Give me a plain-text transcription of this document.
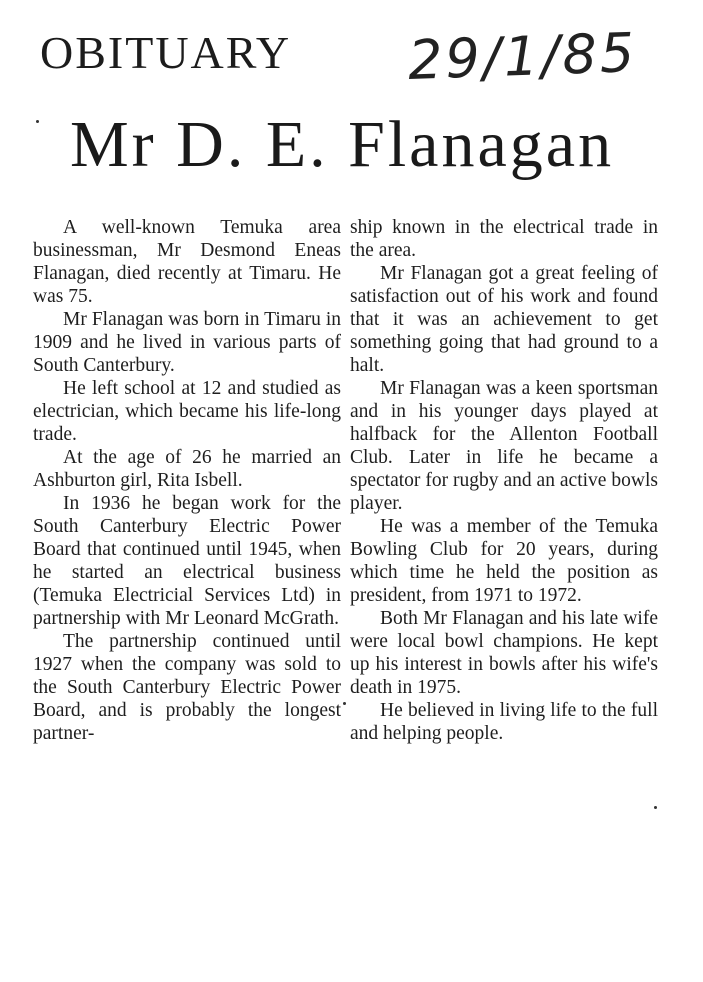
OBITUARY 29/1/85
Mr D. E. Flanagan

A well-known Temuka area businessman, Mr Desmond Eneas Flanagan, died recently at Timaru. He was 75.

Mr Flanagan was born in Timaru in 1909 and he lived in various parts of South Canterbury.

He left school at 12 and studied as electrician, which became his life-long trade.

At the age of 26 he married an Ashburton girl, Rita Isbell.

In 1936 he began work for the South Canterbury Electric Power Board that continued until 1945, when he started an electrical business (Temuka Electricial Services Ltd) in partnership with Mr Leonard McGrath.

The partnership continued until 1927 when the company was sold to the South Canterbury Electric Power Board, and is probably the longest partner-

ship known in the electrical trade in the area.

Mr Flanagan got a great feeling of satisfaction out of his work and found that it was an achievement to get something going that had ground to a halt.

Mr Flanagan was a keen sportsman and in his younger days played at halfback for the Allenton Football Club. Later in life he became a spectator for rugby and an active bowls player.

He was a member of the Temuka Bowling Club for 20 years, during which time he held the position as president, from 1971 to 1972.

Both Mr Flanagan and his late wife were local bowl champions. He kept up his interest in bowls after his wife's death in 1975.

He believed in living life to the full and helping people.
